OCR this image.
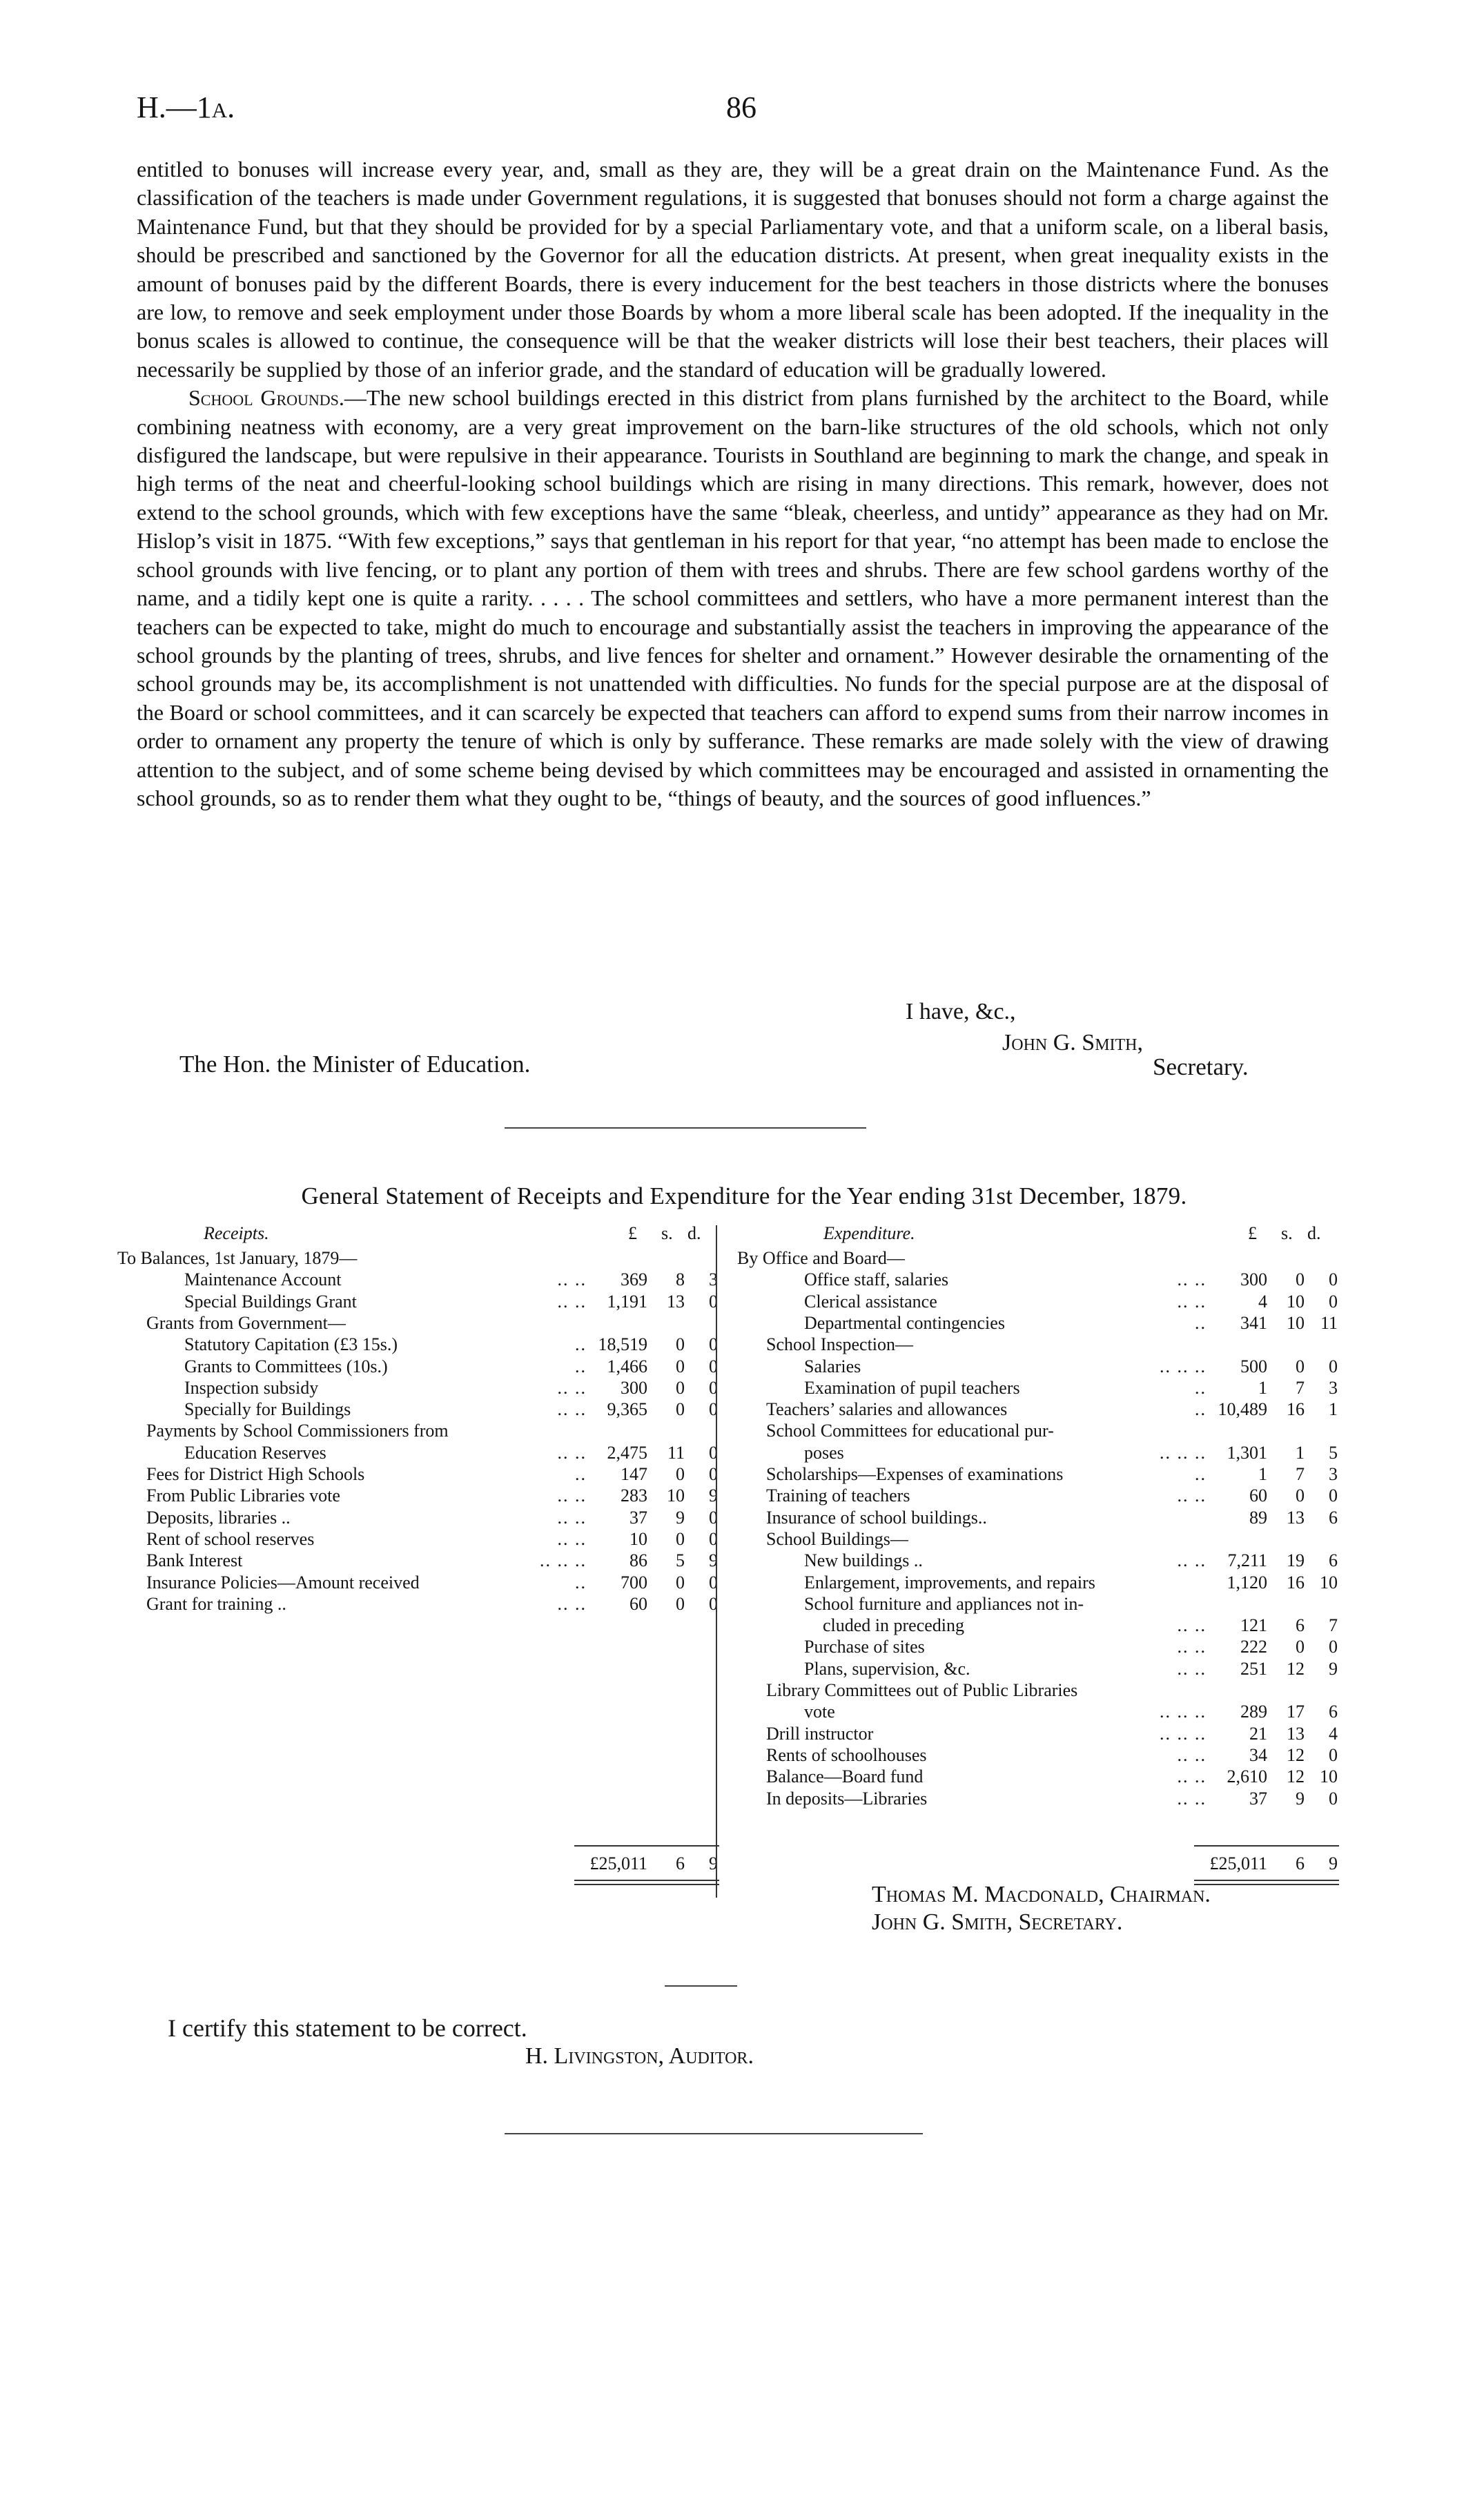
H.—1a.	86

entitled to bonuses will increase every year, and, small as they are, they will be a great drain on the Maintenance Fund. As the classification of the teachers is made under Government regulations, it is suggested that bonuses should not form a charge against the Maintenance Fund, but that they should be provided for by a special Parliamentary vote, and that a uniform scale, on a liberal basis, should be prescribed and sanctioned by the Governor for all the education districts. At present, when great inequality exists in the amount of bonuses paid by the different Boards, there is every inducement for the best teachers in those districts where the bonuses are low, to remove and seek employment under those Boards by whom a more liberal scale has been adopted. If the inequality in the bonus scales is allowed to continue, the consequence will be that the weaker districts will lose their best teachers, their places will necessarily be supplied by those of an inferior grade, and the standard of education will be gradually lowered.

School Grounds.—The new school buildings erected in this district from plans furnished by the architect to the Board, while combining neatness with economy, are a very great improvement on the barn-like structures of the old schools, which not only disfigured the landscape, but were repulsive in their appearance. Tourists in Southland are beginning to mark the change, and speak in high terms of the neat and cheerful-looking school buildings which are rising in many directions. This remark, however, does not extend to the school grounds, which with few exceptions have the same “bleak, cheerless, and untidy” appearance as they had on Mr. Hislop’s visit in 1875. “With few exceptions,” says that gentleman in his report for that year, “no attempt has been made to enclose the school grounds with live fencing, or to plant any portion of them with trees and shrubs. There are few school gardens worthy of the name, and a tidily kept one is quite a rarity. . . . . The school committees and settlers, who have a more permanent interest than the teachers can be expected to take, might do much to encourage and substantially assist the teachers in improving the appearance of the school grounds by the planting of trees, shrubs, and live fences for shelter and ornament.” However desirable the ornamenting of the school grounds may be, its accomplishment is not unattended with difficulties. No funds for the special purpose are at the disposal of the Board or school committees, and it can scarcely be expected that teachers can afford to expend sums from their narrow incomes in order to ornament any property the tenure of which is only by sufferance. These remarks are made solely with the view of drawing attention to the subject, and of some scheme being devised by which committees may be encouraged and assisted in ornamenting the school grounds, so as to render them what they ought to be, “things of beauty, and the sources of good influences.”

I have, &c.,
John G. Smith,
The Hon. the Minister of Education.	Secretary.
General Statement of Receipts and Expenditure for the Year ending 31st December, 1879.
Receipts.	£ s. d.
To Balances, 1st January, 1879—
Maintenance Account	.. .. 369 8 3
Special Buildings Grant	.. .. 1,191 13 0
Grants from Government—
Statutory Capitation (£3 15s.)	.. 18,519 0 0
Grants to Committees (10s.)	.. 1,466 0 0
Inspection subsidy	.. .. 300 0 0
Specially for Buildings	.. .. 9,365 0 0
Payments by School Commissioners from
Education Reserves	.. .. 2,475 11 0
Fees for District High Schools	.. 147 0 0
From Public Libraries vote	.. .. 283 10 9
Deposits, libraries ..	.. .. 37 9 0
Rent of school reserves	.. .. 10 0 0
Bank Interest	.. .. .. 86 5 9
Insurance Policies—Amount received	.. 700 0 0
Grant for training ..	.. .. 60 0 0
£25,011 6 9
Expenditure.	£ s. d.
By Office and Board—
Office staff, salaries	.. .. 300 0 0
Clerical assistance	.. ..	4 10 0
Departmental contingencies	.. 341 10 11
School Inspection—
Salaries	.. .. .. 500 0 0
Examination of pupil teachers	..	1 7 3
Teachers’ salaries and allowances	.. 10,489 16 1
School Committees for educational pur-
poses	.. .. .. 1,301 1 5
Scholarships—Expenses of examinations	..	1 7 3
Training of teachers	.. .. 60 0 0
Insurance of school buildings..	89 13 6
School Buildings—
New buildings ..	.. .. 7,211 19 6
Enlargement, improvements, and repairs	1,120 16 10
School furniture and appliances not in-
cluded in preceding	.. .. 121 6 7
Purchase of sites	.. .. 222 0 0
Plans, supervision, &c.	.. .. 251 12 9
Library Committees out of Public Libraries
vote	.. .. .. 289 17 6
Drill instructor	.. .. .. 21 13 4
Rents of schoolhouses	.. .. 34 12 0
Balance—Board fund	.. .. 2,610 12 10
In deposits—Libraries	.. .. 37 9 0
£25,011 6 9
Thomas M. Macdonald, Chairman.
John G. Smith, Secretary.
I certify this statement to be correct.
H. Livingston, Auditor.
